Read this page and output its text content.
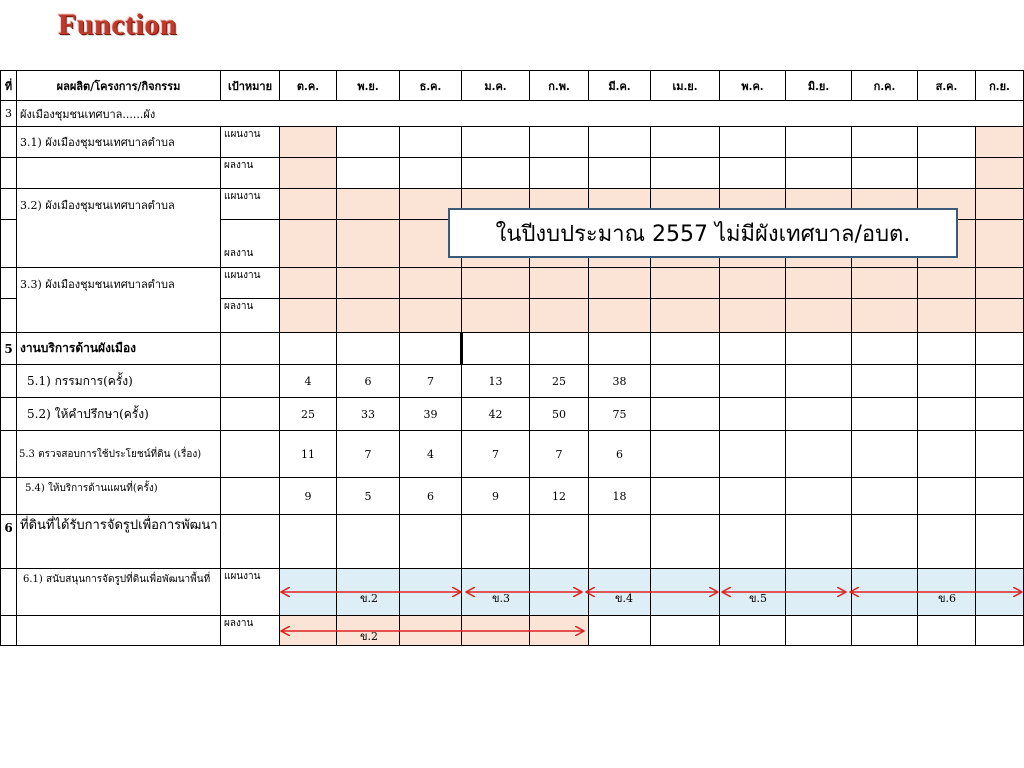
Function
ที่	ผลผลิต/โครงการ/กิจกรรม	เป้าหมาย	ต.ค.	พ.ย.	ธ.ค.	ม.ค.	ก.พ.	มี.ค.	เม.ย.	พ.ค.	มิ.ย.	ก.ค.	ส.ค.	ก.ย.
3	ผังเมืองชุมชนเทศบาล......ผัง													
	3.1) ผังเมืองชุมชนเทศบาลตำบล	แผนงาน												
		ผลงาน												
	3.2) ผังเมืองชุมชนเทศบาลตำบล	แผนงาน												
		ผลงาน												
	3.3) ผังเมืองชุมชนเทศบาลตำบล	แผนงาน												
		ผลงาน												
5	งานบริการด้านผังเมือง													
	5.1) กรรมการ(ครั้ง)		4	6	7	13	25	38						
	5.2) ให้คำปรึกษา(ครั้ง)		25	33	39	42	50	75						
	5.3 ตรวจสอบการใช้ประโยชน์ที่ดิน (เรื่อง)		11	7	4	7	7	6						
	5.4) ให้บริการด้านแผนที่(ครั้ง)		9	5	6	9	12	18						
6	ที่ดินที่ได้รับการจัดรูปเพื่อการพัฒนา													
	6.1) สนับสนุนการจัดรูปที่ดินเพื่อพัฒนาพื้นที่	แผนงาน												
		ผลงาน												
ในปีงบประมาณ 2557 ไม่มีผังเทศบาล/อบต.
ข.2	ข.3	ข.4	ข.5	ข.6
ข.2
